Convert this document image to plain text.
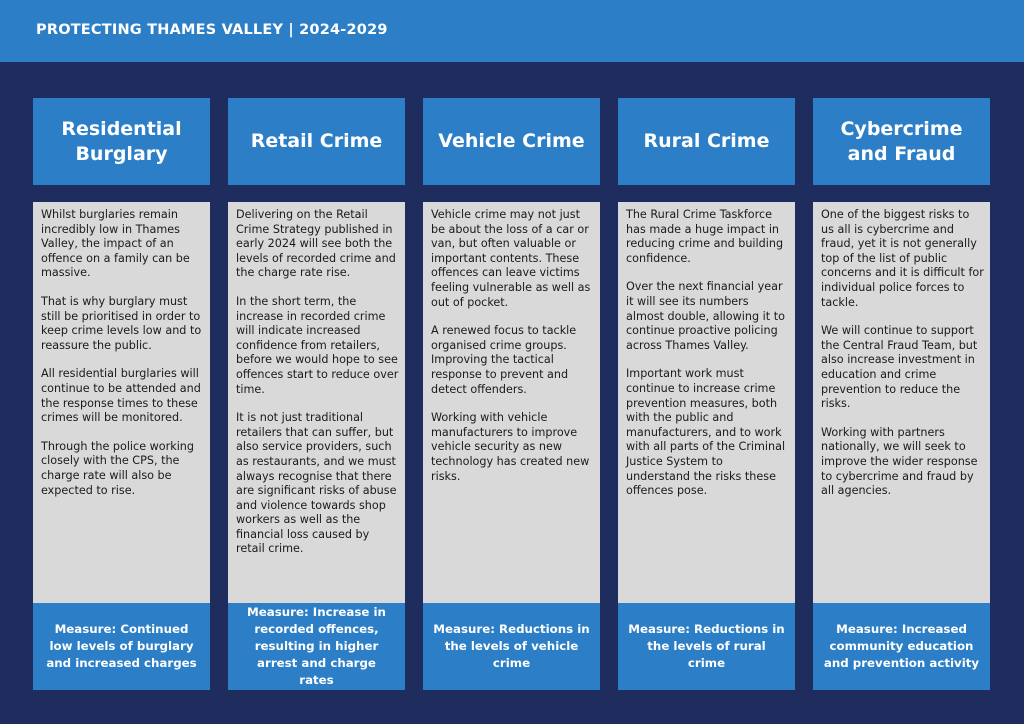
PROTECTING THAMES VALLEY | 2024-2029
Residential Burglary

Whilst burglaries remain incredibly low in Thames Valley, the impact of an offence on a family can be massive.

That is why burglary must still be prioritised in order to keep crime levels low and to reassure the public.

All residential burglaries will continue to be attended and the response times to these crimes will be monitored.

Through the police working closely with the CPS, the charge rate will also be expected to rise.

Measure: Continued low levels of burglary and increased charges
Retail Crime

Delivering on the Retail Crime Strategy published in early 2024 will see both the levels of recorded crime and the charge rate rise.

In the short term, the increase in recorded crime will indicate increased confidence from retailers, before we would hope to see offences start to reduce over time.

It is not just traditional retailers that can suffer, but also service providers, such as restaurants, and we must always recognise that there are significant risks of abuse and violence towards shop workers as well as the financial loss caused by retail crime.

Measure: Increase in recorded offences, resulting in higher arrest and charge rates
Vehicle Crime

Vehicle crime may not just be about the loss of a car or van, but often valuable or important contents. These offences can leave victims feeling vulnerable as well as out of pocket.

A renewed focus to tackle organised crime groups. Improving the tactical response to prevent and detect offenders.

Working with vehicle manufacturers to improve vehicle security as new technology has created new risks.

Measure: Reductions in the levels of vehicle crime
Rural Crime

The Rural Crime Taskforce has made a huge impact in reducing crime and building confidence.

Over the next financial year it will see its numbers almost double, allowing it to continue proactive policing across Thames Valley.

Important work must continue to increase crime prevention measures, both with the public and manufacturers, and to work with all parts of the Criminal Justice System to understand the risks these offences pose.

Measure: Reductions in the levels of rural crime
Cybercrime and Fraud

One of the biggest risks to us all is cybercrime and fraud, yet it is not generally top of the list of public concerns and it is difficult for individual police forces to tackle.

We will continue to support the Central Fraud Team, but also increase investment in education and crime prevention to reduce the risks.

Working with partners nationally, we will seek to improve the wider response to cybercrime and fraud by all agencies.

Measure: Increased community education and prevention activity
